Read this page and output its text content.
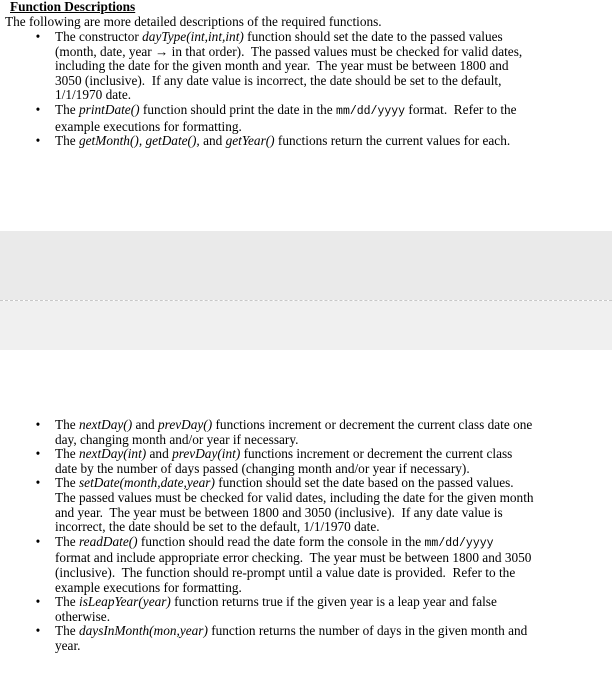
Function Descriptions
The following are more detailed descriptions of the required functions.
• The constructor dayType(int,int,int) function should set the date to the passed values
(month, date, year → in that order).  The passed values must be checked for valid dates,
including the date for the given month and year.  The year must be between 1800 and
3050 (inclusive).  If any date value is incorrect, the date should be set to the default,
1/1/1970 date.
• The printDate() function should print the date in the mm/dd/yyyy format.  Refer to the
example executions for formatting.
• The getMonth(), getDate(), and getYear() functions return the current values for each.
• The nextDay() and prevDay() functions increment or decrement the current class date one
day, changing month and/or year if necessary.
• The nextDay(int) and prevDay(int) functions increment or decrement the current class
date by the number of days passed (changing month and/or year if necessary).
• The setDate(month,date,year) function should set the date based on the passed values.
The passed values must be checked for valid dates, including the date for the given month
and year.  The year must be between 1800 and 3050 (inclusive).  If any date value is
incorrect, the date should be set to the default, 1/1/1970 date.
• The readDate() function should read the date form the console in the mm/dd/yyyy
format and include appropriate error checking.  The year must be between 1800 and 3050
(inclusive).  The function should re-prompt until a value date is provided.  Refer to the
example executions for formatting.
• The isLeapYear(year) function returns true if the given year is a leap year and false
otherwise.
• The daysInMonth(mon,year) function returns the number of days in the given month and
year.
